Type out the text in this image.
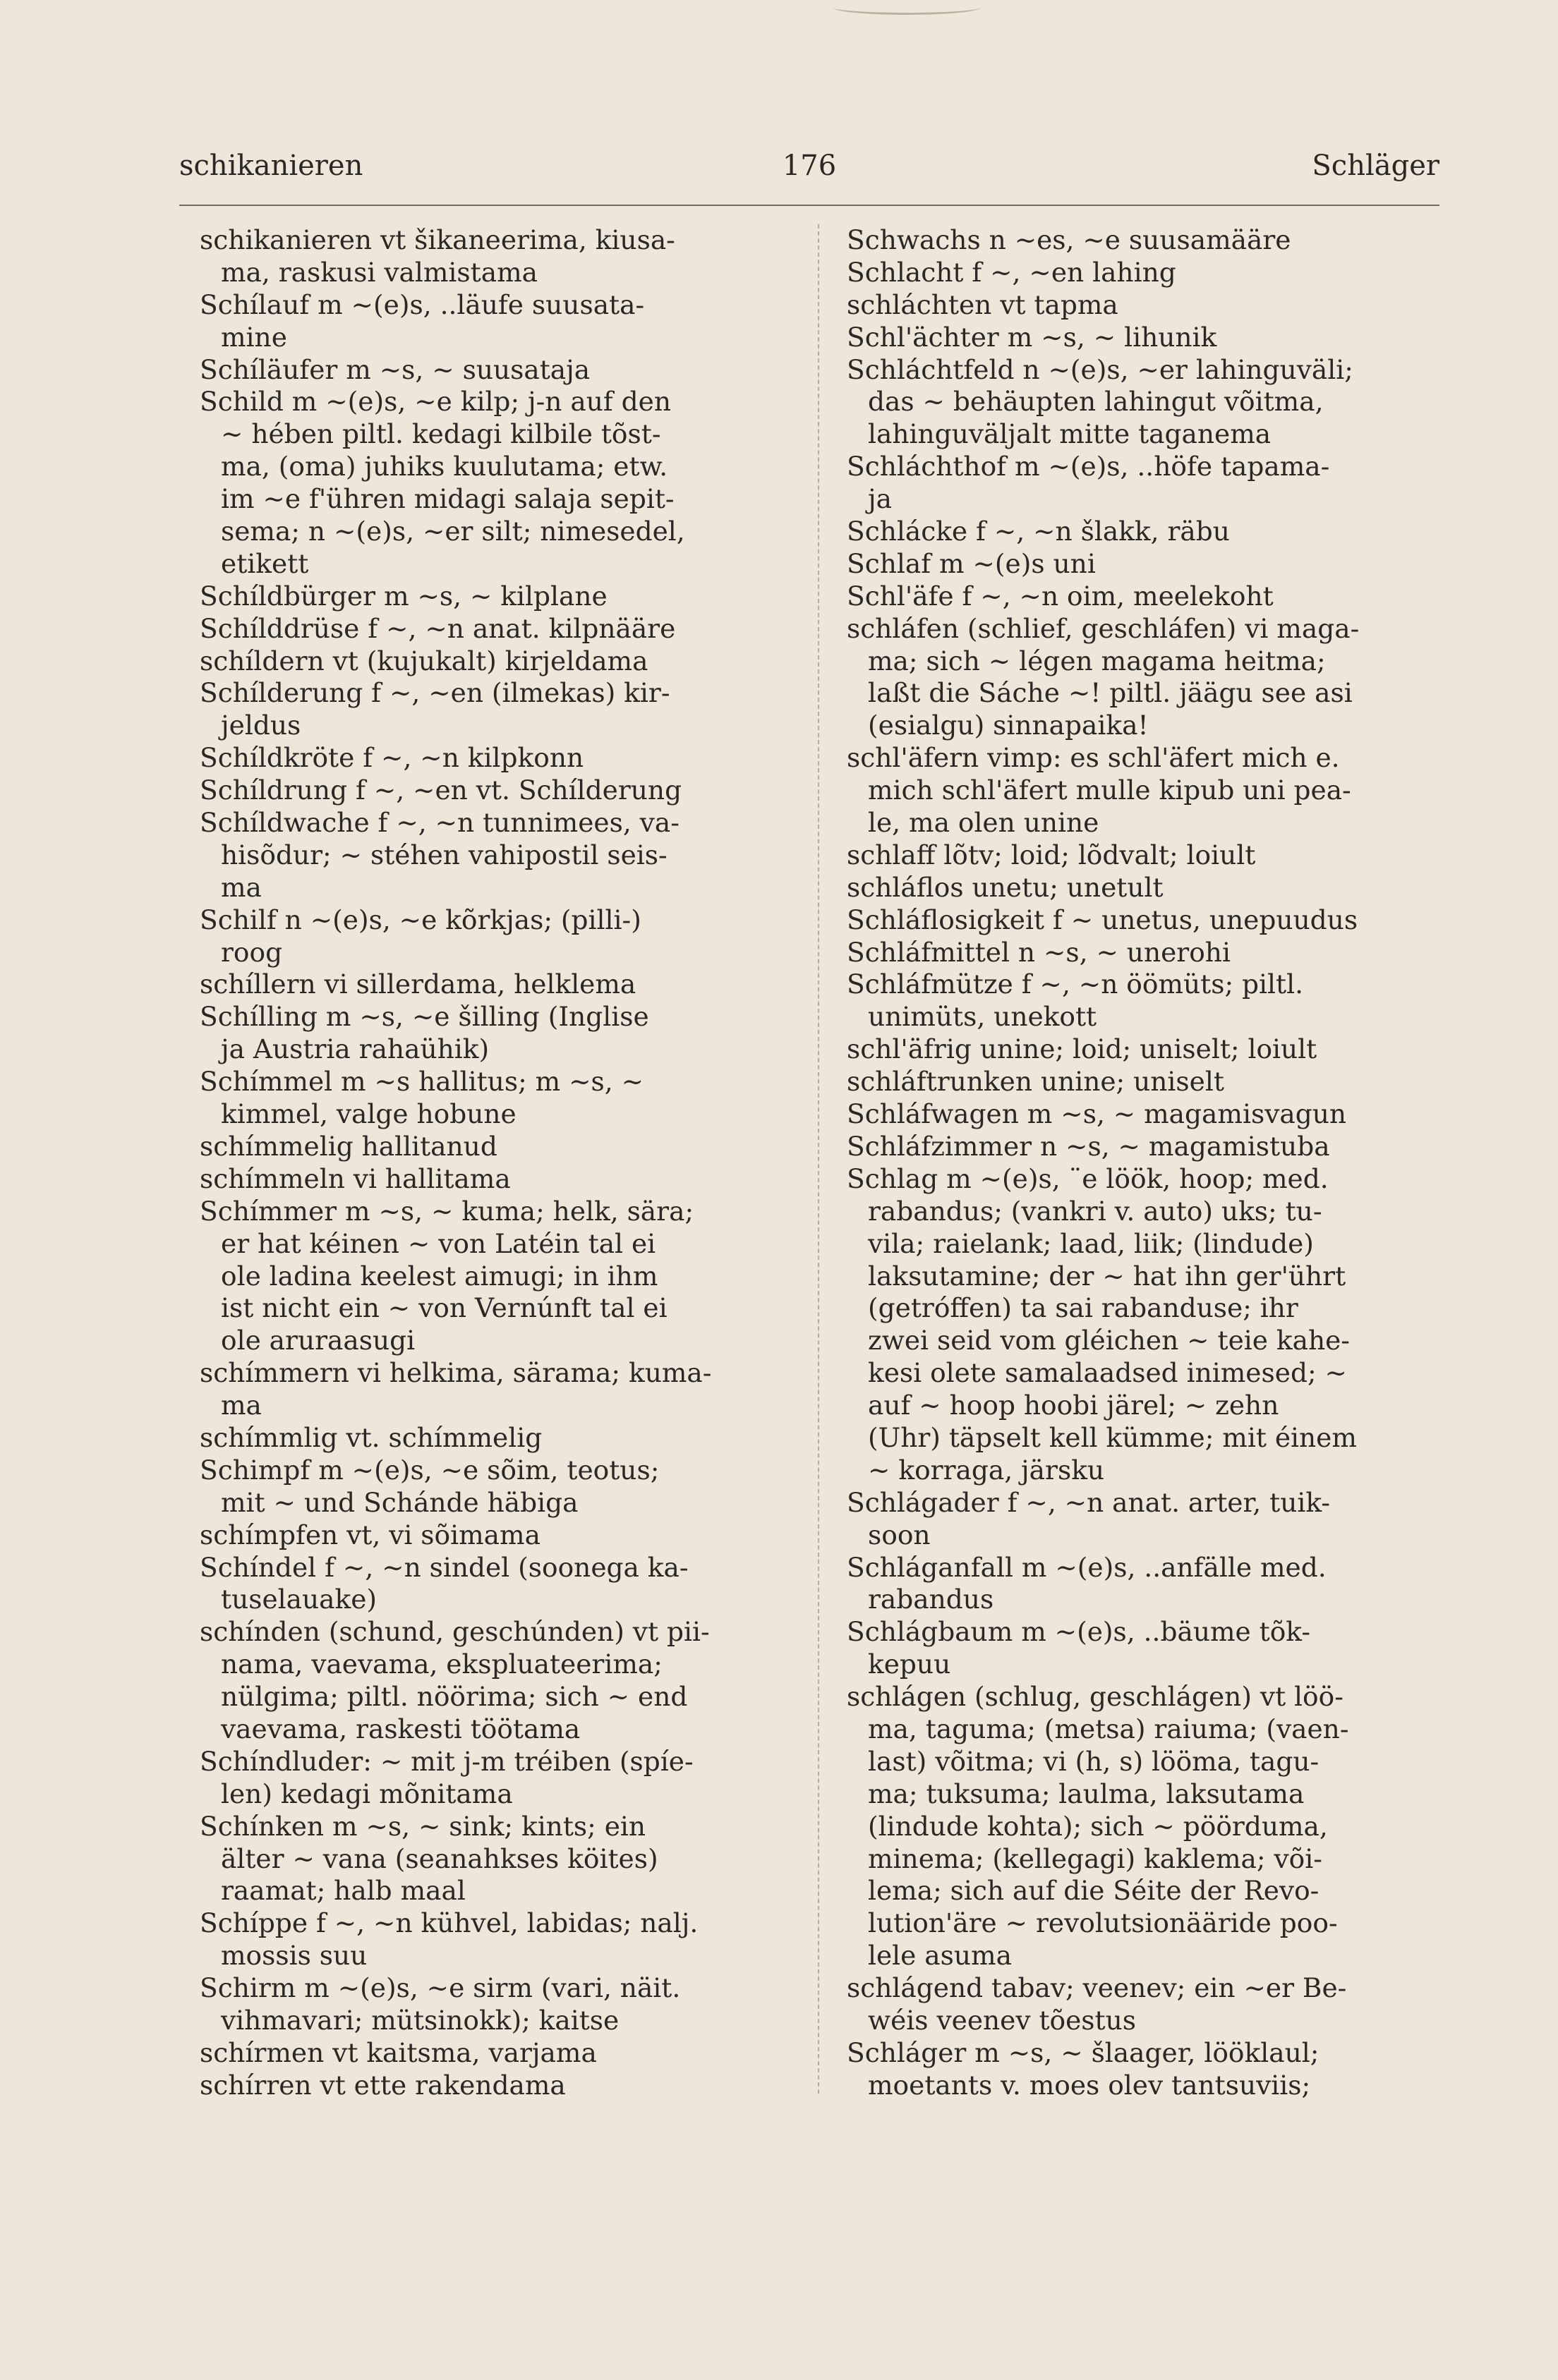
176
schikanieren	Schläger
schikanieren vt šikaneerima, kiusa-
ma, raskusi valmistama
Schílauf m ~(e)s, ..läufe suusata-
mine
Schíläufer m ~s, ~ suusataja
Schild m ~(e)s, ~e kilp; j-n auf den
~ hében piltl. kedagi kilbile tõst-
ma, (oma) juhiks kuulutama; etw.
im ~e f'ühren midagi salaja sepit-
sema; n ~(e)s, ~er silt; nimesedel,
etikett
Schíldbürger m ~s, ~ kilplane
Schílddrüse f ~, ~n anat. kilpnääre
schíldern vt (kujukalt) kirjeldama
Schílderung f ~, ~en (ilmekas) kir-
jeldus
Schíldkröte f ~, ~n kilpkonn
Schíldrung f ~, ~en vt. Schílderung
Schíldwache f ~, ~n tunnimees, va-
hisõdur; ~ stéhen vahipostil seis-
ma
Schilf n ~(e)s, ~e kõrkjas; (pilli-)
roog
schíllern vi sillerdama, helklema
Schílling m ~s, ~e šilling (Inglise
ja Austria rahaühik)
Schímmel m ~s hallitus; m ~s, ~
kimmel, valge hobune
schímmelig hallitanud
schímmeln vi hallitama
Schímmer m ~s, ~ kuma; helk, sära;
er hat kéinen ~ von Latéin tal ei
ole ladina keelest aimugi; in ihm
ist nicht ein ~ von Vernúnft tal ei
ole aruraasugi
schímmern vi helkima, särama; kuma-
ma
schímmlig vt. schímmelig
Schimpf m ~(e)s, ~e sõim, teotus;
mit ~ und Schánde häbiga
schímpfen vt, vi sõimama
Schíndel f ~, ~n sindel (soonega ka-
tuselauake)
schínden (schund, geschúnden) vt pii-
nama, vaevama, ekspluateerima;
nülgima; piltl. nöörima; sich ~ end
vaevama, raskesti töötama
Schíndluder: ~ mit j-m tréiben (spíe-
len) kedagi mõnitama
Schínken m ~s, ~ sink; kints; ein
älter ~ vana (seanahkses köites)
raamat; halb maal
Schíppe f ~, ~n kühvel, labidas; nalj.
mossis suu
Schirm m ~(e)s, ~e sirm (vari, näit.
vihmavari; mütsinokk); kaitse
schírmen vt kaitsma, varjama
schírren vt ette rakendama
Schwachs n ~es, ~e suusamääre
Schlacht f ~, ~en lahing
schláchten vt tapma
Schl'ächter m ~s, ~ lihunik
Schláchtfeld n ~(e)s, ~er lahinguväli;
das ~ behäupten lahingut võitma,
lahinguväljalt mitte taganema
Schláchthof m ~(e)s, ..höfe tapama-
ja
Schlácke f ~, ~n šlakk, räbu
Schlaf m ~(e)s uni
Schl'äfe f ~, ~n oim, meelekoht
schláfen (schlief, geschláfen) vi maga-
ma; sich ~ légen magama heitma;
laßt die Sáche ~! piltl. jäägu see asi
(esialgu) sinnapaika!
schl'äfern vimp: es schl'äfert mich e.
mich schl'äfert mulle kipub uni pea-
le, ma olen unine
schlaff lõtv; loid; lõdvalt; loiult
schláflos unetu; unetult
Schláflosigkeit f ~ unetus, unepuudus
Schláfmittel n ~s, ~ unerohi
Schláfmütze f ~, ~n öömüts; piltl.
unimüts, unekott
schl'äfrig unine; loid; uniselt; loiult
schláftrunken unine; uniselt
Schláfwagen m ~s, ~ magamisvagun
Schláfzimmer n ~s, ~ magamistuba
Schlag m ~(e)s, ¨e löök, hoop; med.
rabandus; (vankri v. auto) uks; tu-
vila; raielank; laad, liik; (lindude)
laksutamine; der ~ hat ihn ger'ührt
(getróffen) ta sai rabanduse; ihr
zwei seid vom gléichen ~ teie kahe-
kesi olete samalaadsed inimesed; ~
auf ~ hoop hoobi järel; ~ zehn
(Uhr) täpselt kell kümme; mit éinem
~ korraga, järsku
Schlágader f ~, ~n anat. arter, tuik-
soon
Schláganfall m ~(e)s, ..anfälle med.
rabandus
Schlágbaum m ~(e)s, ..bäume tõk-
kepuu
schlágen (schlug, geschlágen) vt löö-
ma, taguma; (metsa) raiuma; (vaen-
last) võitma; vi (h, s) lööma, tagu-
ma; tuksuma; laulma, laksutama
(lindude kohta); sich ~ pöörduma,
minema; (kellegagi) kaklema; või-
lema; sich auf die Séite der Revo-
lution'äre ~ revolutsionääride poo-
lele asuma
schlágend tabav; veenev; ein ~er Be-
wéis veenev tõestus
Schláger m ~s, ~ šlaager, lööklaul;
moetants v. moes olev tantsuviis;
